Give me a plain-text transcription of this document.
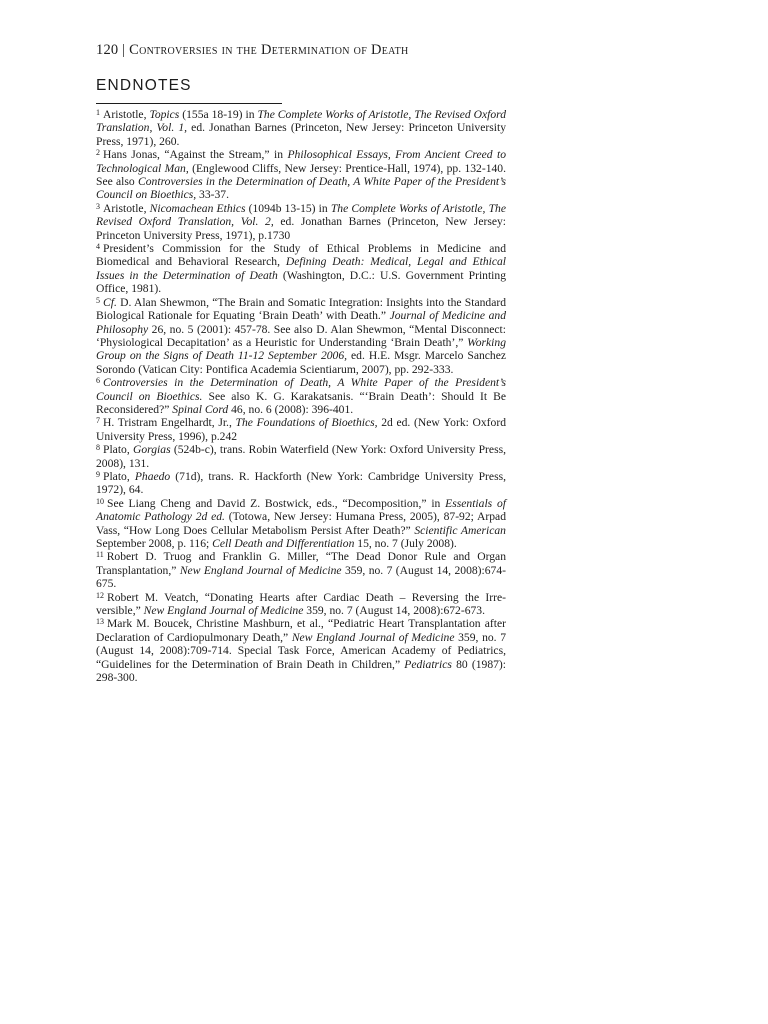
120 | Controversies in the Determination of Death
ENDNOTES

$^1$ Aristotle, Topics (155a 18-19) in The Complete Works of Aristotle, The Revised Oxford Translation, Vol. 1, ed. Jonathan Barnes (Princeton, New Jersey: Princeton University Press, 1971), 260.

$^2$ Hans Jonas, “Against the Stream,” in Philosophical Essays, From Ancient Creed to Technological Man, (Englewood Cliffs, New Jersey: Prentice-Hall, 1974), pp. 132-140. See also Controversies in the Determination of Death, A White Paper of the President’s Council on Bioethics, 33-37.

$^3$ Aristotle, Nicomachean Ethics (1094b 13-15) in The Complete Works of Aristotle, The Revised Oxford Translation, Vol. 2, ed. Jonathan Barnes (Princeton, New Jersey: Princeton University Press, 1971), p.1730

$^4$ President’s Commission for the Study of Ethical Problems in Medicine and Biomedical and Behavioral Research, Defining Death: Medical, Legal and Ethical Issues in the Determination of Death (Washington, D.C.: U.S. Government Printing Office, 1981).

$^5$ Cf. D. Alan Shewmon, “The Brain and Somatic Integration: Insights into the Standard Biological Rationale for Equating ‘Brain Death’ with Death.” Journal of Medicine and Philosophy 26, no. 5 (2001): 457-78. See also D. Alan Shewmon, “Mental Disconnect: ‘Physiological Decapitation’ as a Heuristic for Understanding ‘Brain Death’,” Working Group on the Signs of Death 11-12 September 2006, ed. H.E. Msgr. Marcelo Sanchez Sorondo (Vatican City: Pontifica Academia Scientiarum, 2007), pp. 292-333.

$^6$ Controversies in the Determination of Death, A White Paper of the President’s Council on Bioethics. See also K. G. Karakatsanis. “‘Brain Death’: Should It Be Reconsidered?” Spinal Cord 46, no. 6 (2008): 396-401.

$^7$ H. Tristram Engelhardt, Jr., The Foundations of Bioethics, 2d ed. (New York: Oxford University Press, 1996), p.242

$^8$ Plato, Gorgias (524b-c), trans. Robin Waterfield (New York: Oxford University Press, 2008), 131.

$^9$ Plato, Phaedo (71d), trans. R. Hackforth (New York: Cambridge University Press, 1972), 64.

$^{10}$ See Liang Cheng and David Z. Bostwick, eds., “Decomposition,” in Essentials of Anatomic Pathology 2d ed. (Totowa, New Jersey: Humana Press, 2005), 87-92; Arpad Vass, “How Long Does Cellular Metabolism Persist After Death?” Scientific American September 2008, p. 116; Cell Death and Differentiation 15, no. 7 (July 2008).

$^{11}$ Robert D. Truog and Franklin G. Miller, “The Dead Donor Rule and Organ Transplantation,” New England Journal of Medicine 359, no. 7 (August 14, 2008):674-675.

$^{12}$ Robert M. Veatch, “Donating Hearts after Cardiac Death – Reversing the Irreversible,” New England Journal of Medicine 359, no. 7 (August 14, 2008):672-673.

$^{13}$ Mark M. Boucek, Christine Mashburn, et al., “Pediatric Heart Transplantation after Declaration of Cardiopulmonary Death,” New England Journal of Medicine 359, no. 7 (August 14, 2008):709-714. Special Task Force, American Academy of Pediatrics, “Guidelines for the Determination of Brain Death in Children,” Pediatrics 80 (1987): 298-300.
